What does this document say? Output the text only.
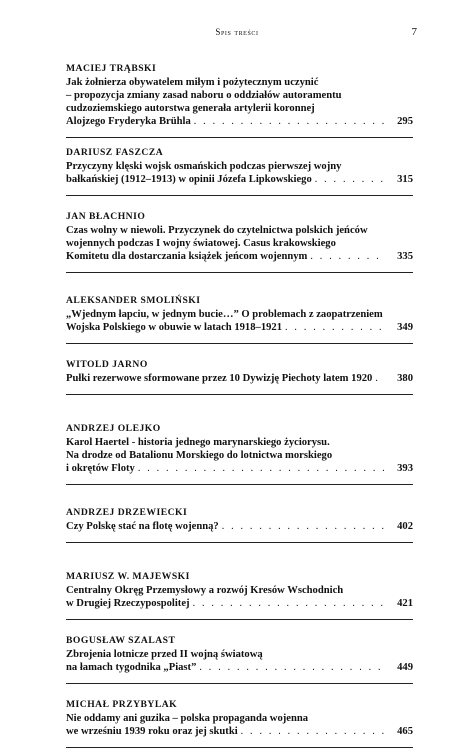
Spis treści	7
MACIEJ TRĄBSKI
Jak żołnierza obywatelem miłym i pożytecznym uczynić
– propozycja zmiany zasad naboru o oddziałów autoramentu
cudzoziemskiego autorstwa generała artylerii koronnej
Alojzego Fryderyka Brühla . . .	295
DARIUSZ FASZCZA
Przyczyny klęski wojsk osmańskich podczas pierwszej wojny
bałkańskiej (1912–1913) w opinii Józefa Lipkowskiego . . .	315
JAN BŁACHNIO
Czas wolny w niewoli. Przyczynek do czytelnictwa polskich jeńców
wojennych podczas I wojny światowej. Casus krakowskiego
Komitetu dla dostarczania książek jeńcom wojennym . . .	335
ALEKSANDER SMOLIŃSKI
„Wjednym łapciu, w jednym bucie…” O problemach z zaopatrzeniem
Wojska Polskiego w obuwie w latach 1918–1921 . . .	349
WITOLD JARNO
Pułki rezerwowe sformowane przez 10 Dywizję Piechoty latem 1920 . . .	380
ANDRZEJ OLEJKO
Karol Haertel - historia jednego marynarskiego życiorysu.
Na drodze od Batalionu Morskiego do lotnictwa morskiego
i okrętów Floty . . .	393
ANDRZEJ DRZEWIECKI
Czy Polskę stać na flotę wojenną? . . .	402
MARIUSZ W. MAJEWSKI
Centralny Okręg Przemysłowy a rozwój Kresów Wschodnich
w Drugiej Rzeczypospolitej . . .	421
BOGUSŁAW SZALAST
Zbrojenia lotnicze przed II wojną światową
na łamach tygodnika „Piast” . . .	449
MICHAŁ PRZYBYLAK
Nie oddamy ani guzika – polska propaganda wojenna
we wrześniu 1939 roku oraz jej skutki . . .	465
